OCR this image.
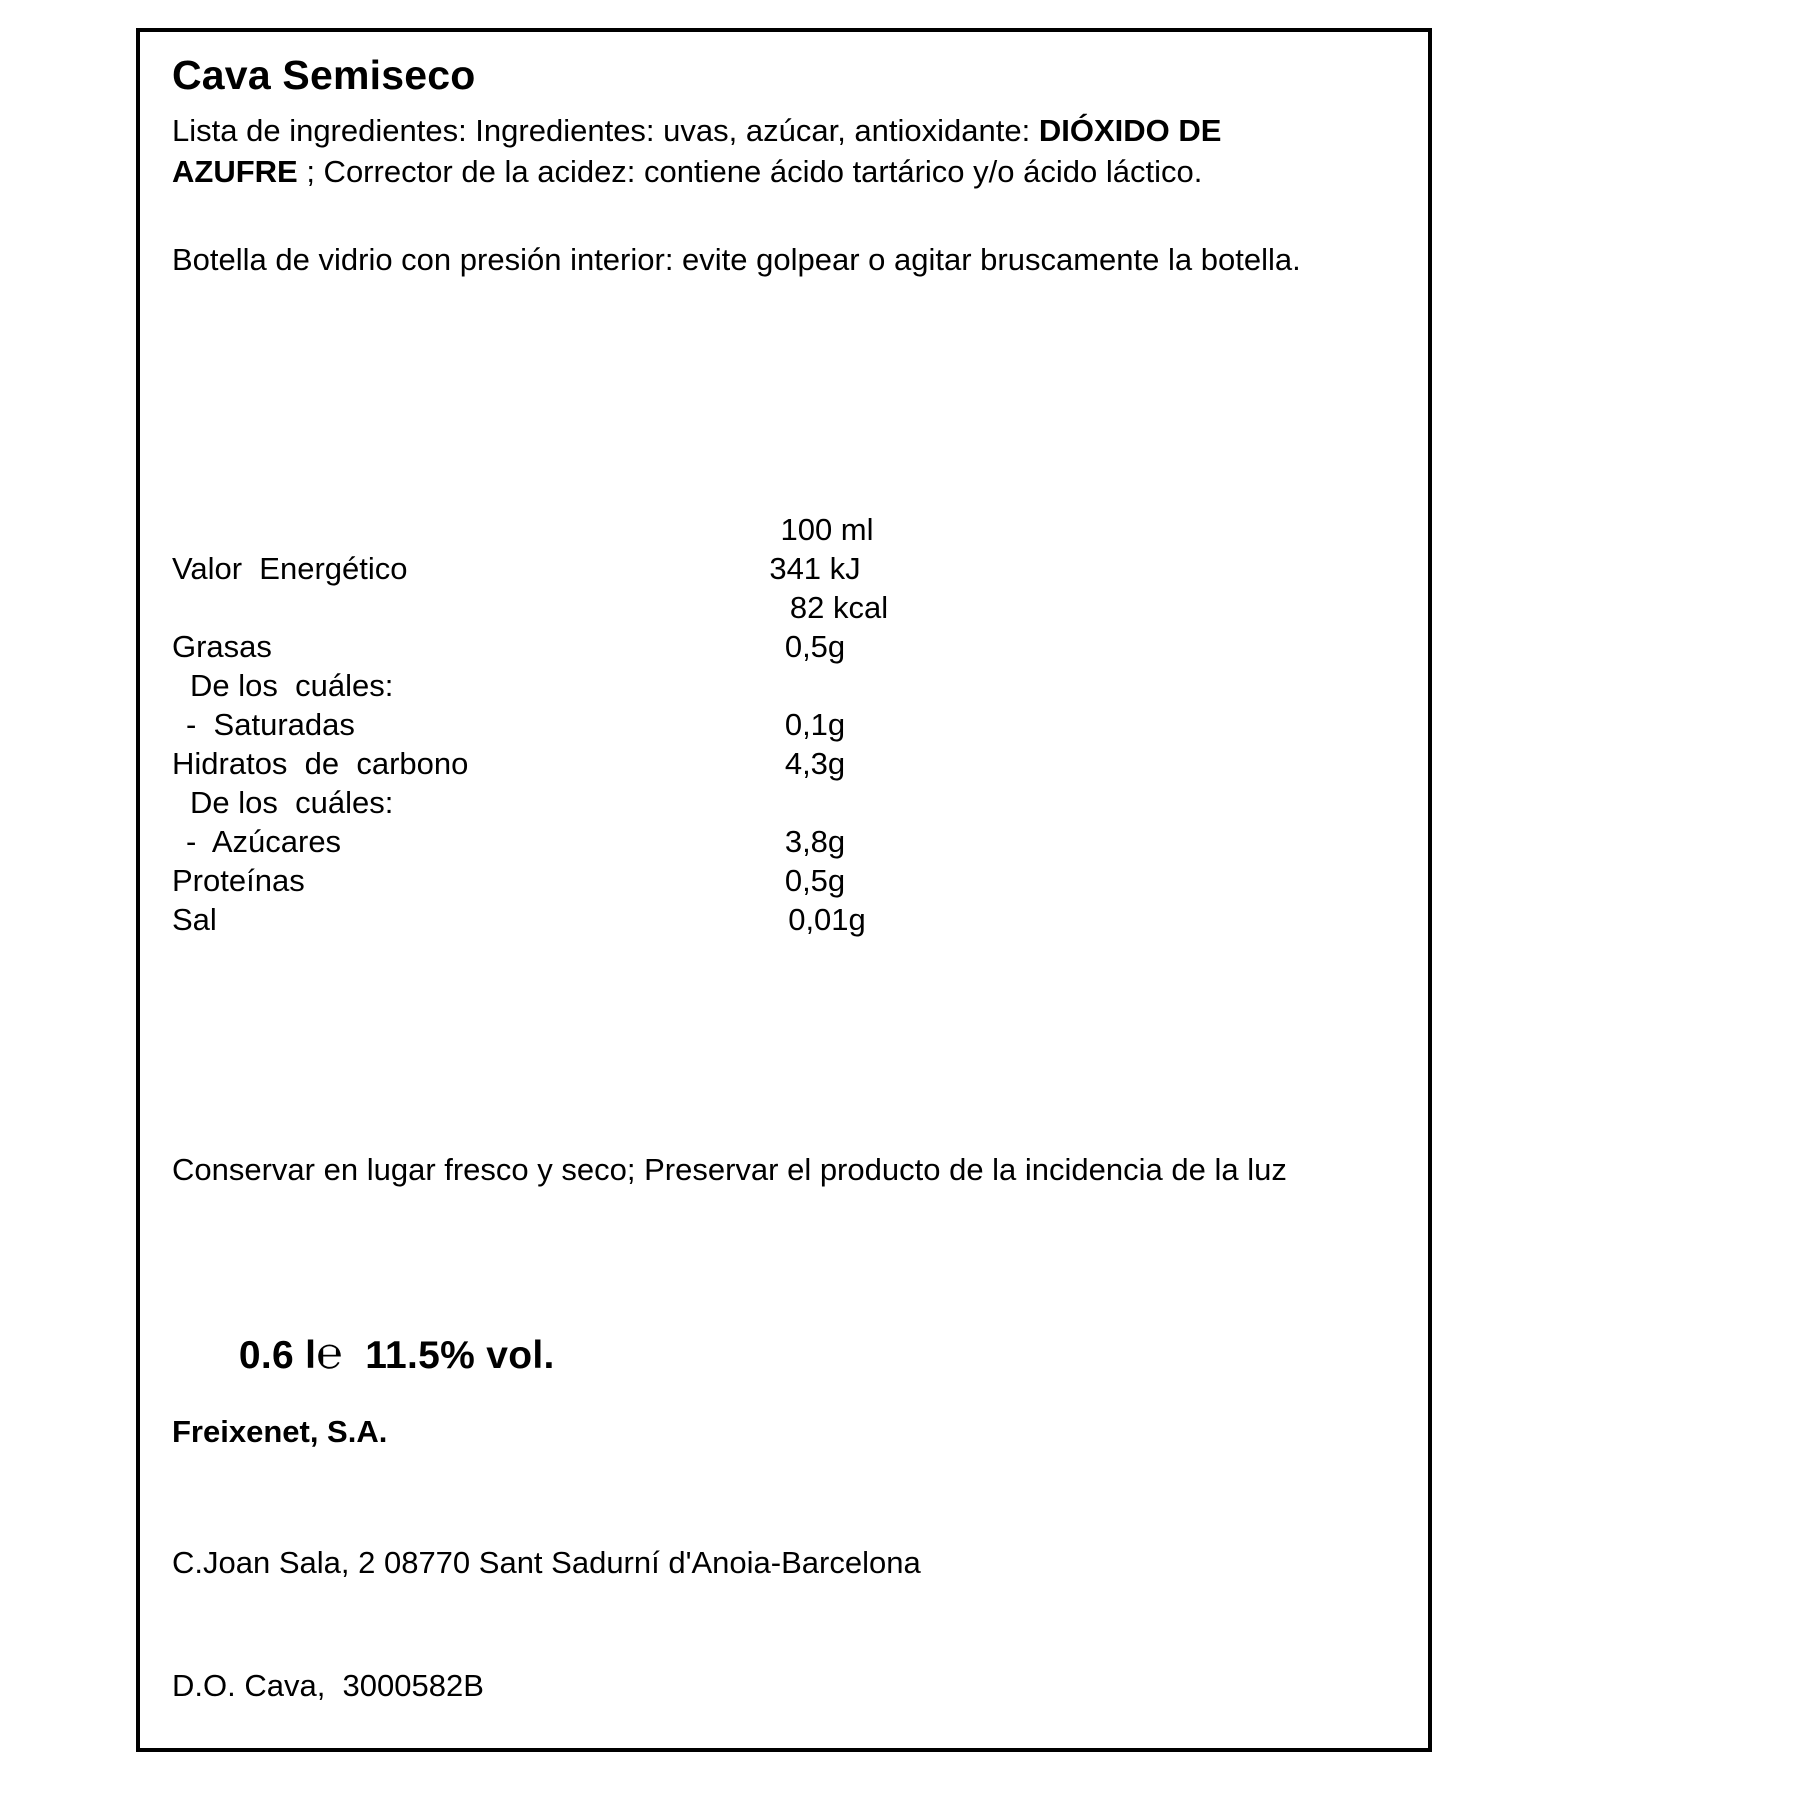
Cava Semiseco
Lista de ingredientes: Ingredientes: uvas, azúcar, antioxidante: DIÓXIDO DE AZUFRE ; Corrector de la acidez: contiene ácido tartárico y/o ácido láctico.
Botella de vidrio con presión interior: evite golpear o agitar bruscamente la botella.
100 ml
Valor  Energético	341 kJ
82 kcal
Grasas	0,5g
De los  cuáles:
-  Saturadas	0,1g
Hidratos  de  carbono	4,3g
De los  cuáles:
-  Azúcares	3,8g
Proteínas	0,5g
Sal	0,01g
Conservar en lugar fresco y seco; Preservar el producto de la incidencia de la luz

0.6 l℮ 11.5% vol.

Freixenet, S.A.

C.Joan Sala, 2 08770 Sant Sadurní d'Anoia-Barcelona

D.O. Cava,  3000582B
